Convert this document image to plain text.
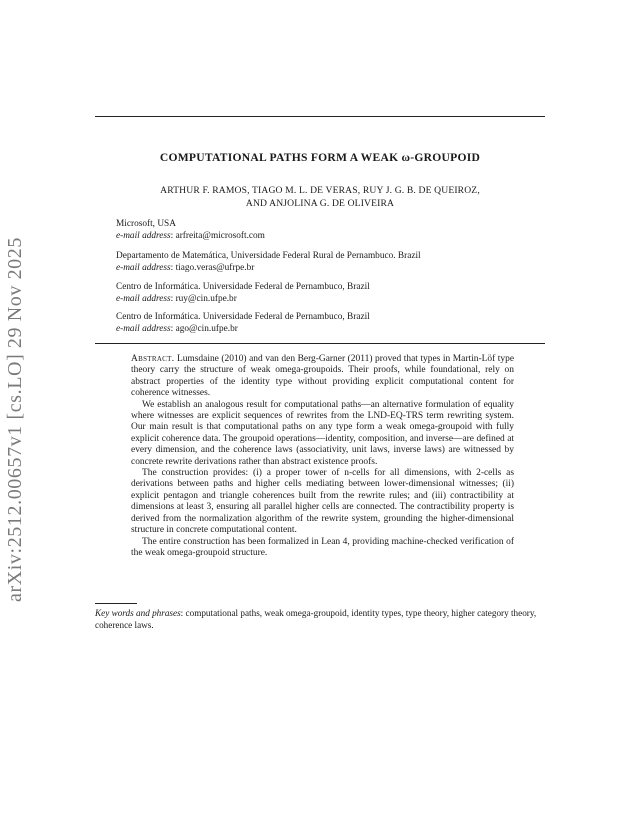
arXiv:2512.00657v1 [cs.LO] 29 Nov 2025
COMPUTATIONAL PATHS FORM A WEAK ω-GROUPOID
ARTHUR F. RAMOS, TIAGO M. L. DE VERAS, RUY J. G. B. DE QUEIROZ,
AND ANJOLINA G. DE OLIVEIRA
Microsoft, USA
e-mail address: arfreita@microsoft.com
Departamento de Matemática, Universidade Federal Rural de Pernambuco. Brazil
e-mail address: tiago.veras@ufrpe.br
Centro de Informática. Universidade Federal de Pernambuco, Brazil
e-mail address: ruy@cin.ufpe.br
Centro de Informática. Universidade Federal de Pernambuco, Brazil
e-mail address: ago@cin.ufpe.br

Abstract. Lumsdaine (2010) and van den Berg-Garner (2011) proved that types in Martin-Löf type theory carry the structure of weak omega-groupoids. Their proofs, while foundational, rely on abstract properties of the identity type without providing explicit computational content for coherence witnesses.

We establish an analogous result for computational paths—an alternative formulation of equality where witnesses are explicit sequences of rewrites from the LND-EQ-TRS term rewriting system. Our main result is that computational paths on any type form a weak omega-groupoid with fully explicit coherence data. The groupoid operations—identity, composition, and inverse—are defined at every dimension, and the coherence laws (associativity, unit laws, inverse laws) are witnessed by concrete rewrite derivations rather than abstract existence proofs.

The construction provides: (i) a proper tower of n-cells for all dimensions, with 2-cells as derivations between paths and higher cells mediating between lower-dimensional witnesses; (ii) explicit pentagon and triangle coherences built from the rewrite rules; and (iii) contractibility at dimensions at least 3, ensuring all parallel higher cells are connected. The contractibility property is derived from the normalization algorithm of the rewrite system, grounding the higher-dimensional structure in concrete computational content.

The entire construction has been formalized in Lean 4, providing machine-checked verification of the weak omega-groupoid structure.

Key words and phrases: computational paths, weak omega-groupoid, identity types, type theory, higher category theory, coherence laws.
